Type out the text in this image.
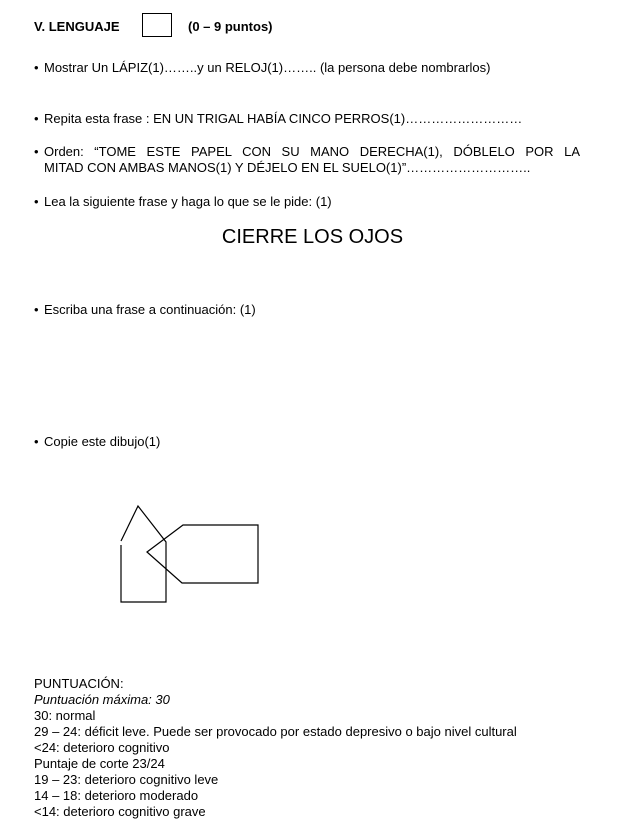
V. LENGUAJE	(0 – 9 puntos)
• Mostrar Un LÁPIZ(1)……..y un RELOJ(1)…….. (la persona debe nombrarlos)
• Repita esta frase : EN UN TRIGAL HABÍA CINCO PERROS(1)………………………
• Orden: “TOME ESTE PAPEL CON SU MANO DERECHA(1), DÓBLELO POR LA
MITAD CON AMBAS MANOS(1) Y DÉJELO EN EL SUELO(1)”………………………..
• Lea la siguiente frase y haga lo que se le pide: (1)
CIERRE LOS OJOS
• Escriba una frase a continuación: (1)
• Copie este dibujo(1)
PUNTUACIÓN:
Puntuación máxima: 30
30: normal
29 – 24: déficit leve. Puede ser provocado por estado depresivo o bajo nivel cultural
<24: deterioro cognitivo
Puntaje de corte 23/24
19 – 23: deterioro cognitivo leve
14 – 18: deterioro moderado
<14: deterioro cognitivo grave
